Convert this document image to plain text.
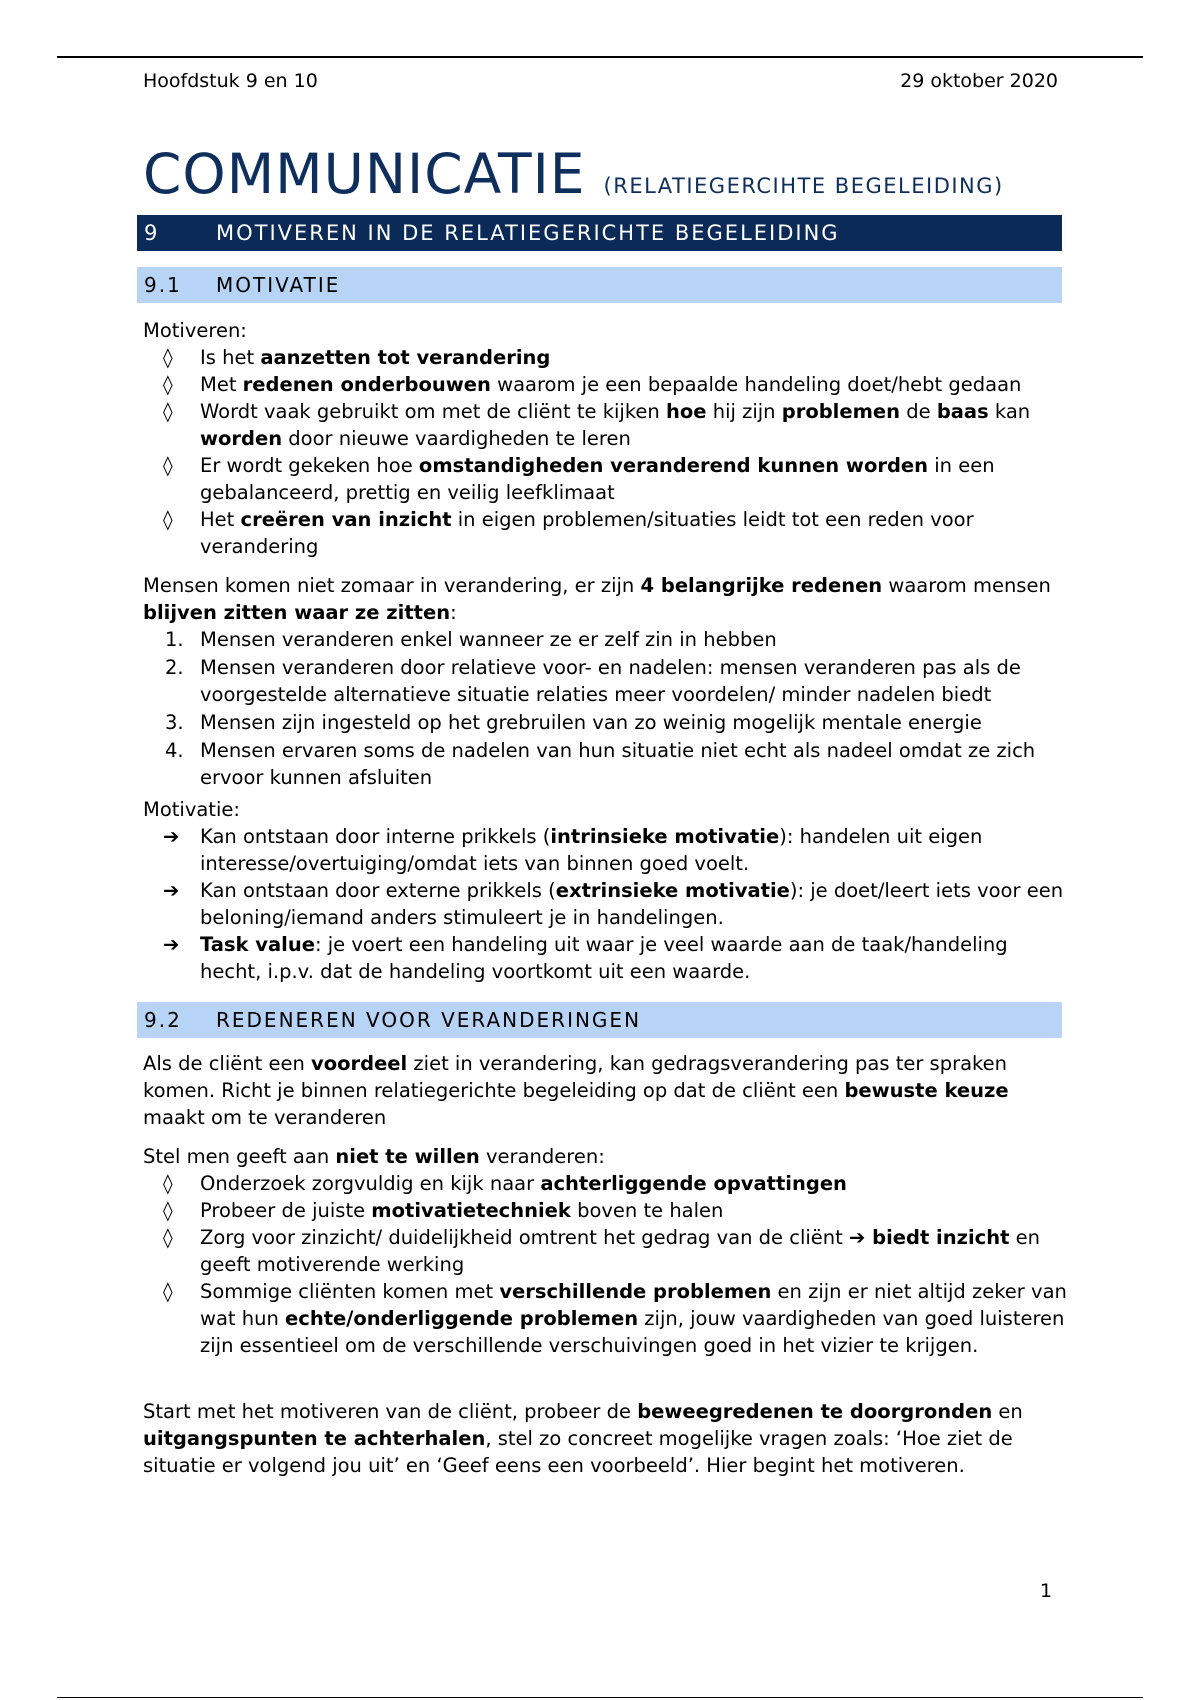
Hoofdstuk 9 en 10	29 oktober 2020
COMMUNICATIE (RELATIEGERCIHTE BEGELEIDING)
9	MOTIVEREN IN DE RELATIEGERICHTE BEGELEIDING
9.1	MOTIVATIE

Motiveren:

◊ Is het aanzetten tot verandering
◊ Met redenen onderbouwen waarom je een bepaalde handeling doet/hebt gedaan
◊ Wordt vaak gebruikt om met de cliënt te kijken hoe hij zijn problemen de baas kan worden door nieuwe vaardigheden te leren
◊ Er wordt gekeken hoe omstandigheden veranderend kunnen worden in een gebalanceerd, prettig en veilig leefklimaat
◊ Het creëren van inzicht in eigen problemen/situaties leidt tot een reden voor verandering

Mensen komen niet zomaar in verandering, er zijn 4 belangrijke redenen waarom mensen blijven zitten waar ze zitten:

1. Mensen veranderen enkel wanneer ze er zelf zin in hebben
2. Mensen veranderen door relatieve voor- en nadelen: mensen veranderen pas als de voorgestelde alternatieve situatie relaties meer voordelen/ minder nadelen biedt
3. Mensen zijn ingesteld op het grebruilen van zo weinig mogelijk mentale energie
4. Mensen ervaren soms de nadelen van hun situatie niet echt als nadeel omdat ze zich ervoor kunnen afsluiten

Motivatie:

➔ Kan ontstaan door interne prikkels (intrinsieke motivatie): handelen uit eigen interesse/overtuiging/omdat iets van binnen goed voelt.
➔ Kan ontstaan door externe prikkels (extrinsieke motivatie): je doet/leert iets voor een beloning/iemand anders stimuleert je in handelingen.
➔ Task value: je voert een handeling uit waar je veel waarde aan de taak/handeling hecht, i.p.v. dat de handeling voortkomt uit een waarde.
9.2	REDENEREN VOOR VERANDERINGEN

Als de cliënt een voordeel ziet in verandering, kan gedragsverandering pas ter spraken komen. Richt je binnen relatiegerichte begeleiding op dat de cliënt een bewuste keuze maakt om te veranderen

Stel men geeft aan niet te willen veranderen:

◊ Onderzoek zorgvuldig en kijk naar achterliggende opvattingen
◊ Probeer de juiste motivatietechniek boven te halen
◊ Zorg voor zinzicht/ duidelijkheid omtrent het gedrag van de cliënt ➔ biedt inzicht en geeft motiverende werking
◊ Sommige cliënten komen met verschillende problemen en zijn er niet altijd zeker van wat hun echte/onderliggende problemen zijn, jouw vaardigheden van goed luisteren zijn essentieel om de verschillende verschuivingen goed in het vizier te krijgen.

Start met het motiveren van de cliënt, probeer de beweegredenen te doorgronden en uitgangspunten te achterhalen, stel zo concreet mogelijke vragen zoals: ‘Hoe ziet de situatie er volgend jou uit’ en ‘Geef eens een voorbeeld’. Hier begint het motiveren.

1
